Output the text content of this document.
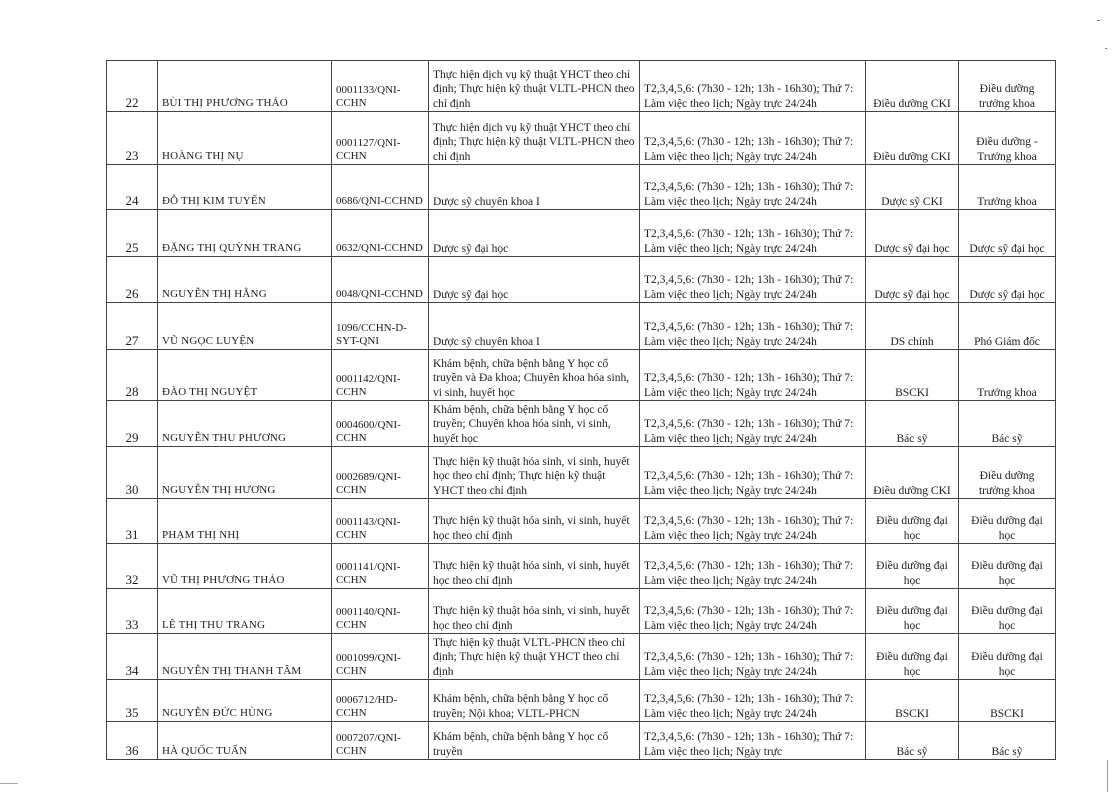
22	BÙI THỊ PHƯƠNG THẢO	0001133/QNI-CCHN	Thực hiện dịch vụ kỹ thuật YHCT theo chỉ định; Thực hiện kỹ thuật VLTL-PHCN theo chỉ định	T2,3,4,5,6: (7h30 - 12h; 13h - 16h30); Thứ 7: Làm việc theo lịch; Ngày trực 24/24h	Điều dưỡng CKI	Điều dưỡng trưởng khoa
23	HOÀNG THỊ NỤ	0001127/QNI-CCHN	Thực hiện dịch vụ kỹ thuật YHCT theo chỉ định; Thực hiện kỹ thuật VLTL-PHCN theo chỉ định	T2,3,4,5,6: (7h30 - 12h; 13h - 16h30); Thứ 7: Làm việc theo lịch; Ngày trực 24/24h	Điều dưỡng CKI	Điều dưỡng - Trưởng khoa
24	ĐỖ THỊ KIM TUYẾN	0686/QNI-CCHND	Dược sỹ chuyên khoa I	T2,3,4,5,6: (7h30 - 12h; 13h - 16h30); Thứ 7: Làm việc theo lịch; Ngày trực 24/24h	Dược sỹ CKI	Trưởng khoa
25	ĐẶNG THỊ QUỲNH TRANG	0632/QNI-CCHND	Dược sỹ đại học	T2,3,4,5,6: (7h30 - 12h; 13h - 16h30); Thứ 7: Làm việc theo lịch; Ngày trực 24/24h	Dược sỹ đại học	Dược sỹ đại học
26	NGUYỄN THỊ HẰNG	0048/QNI-CCHND	Dược sỹ đại học	T2,3,4,5,6: (7h30 - 12h; 13h - 16h30); Thứ 7: Làm việc theo lịch; Ngày trực 24/24h	Dược sỹ đại học	Dược sỹ đại học
27	VŨ NGỌC LUYỆN	1096/CCHN-D-SYT-QNI	Dược sỹ chuyên khoa I	T2,3,4,5,6: (7h30 - 12h; 13h - 16h30); Thứ 7: Làm việc theo lịch; Ngày trực 24/24h	DS chính	Phó Giám đốc
28	ĐÀO THỊ NGUYỆT	0001142/QNI-CCHN	Khám bệnh, chữa bệnh bằng Y học cổ truyền và Đa khoa; Chuyên khoa hóa sinh, vi sinh, huyết học	T2,3,4,5,6: (7h30 - 12h; 13h - 16h30); Thứ 7: Làm việc theo lịch; Ngày trực 24/24h	BSCKI	Trưởng khoa
29	NGUYỄN THU PHƯƠNG	0004600/QNI-CCHN	Khám bệnh, chữa bệnh bằng Y học cổ truyền; Chuyên khoa hóa sinh, vi sinh, huyết học	T2,3,4,5,6: (7h30 - 12h; 13h - 16h30); Thứ 7: Làm việc theo lịch; Ngày trực 24/24h	Bác sỹ	Bác sỹ
30	NGUYỄN THỊ HƯƠNG	0002689/QNI-CCHN	Thực hiện kỹ thuật hóa sinh, vi sinh, huyết học theo chỉ định; Thực hiện kỹ thuật YHCT theo chỉ định	T2,3,4,5,6: (7h30 - 12h; 13h - 16h30); Thứ 7: Làm việc theo lịch; Ngày trực 24/24h	Điều dưỡng CKI	Điều dưỡng trưởng khoa
31	PHẠM THỊ NHỊ	0001143/QNI-CCHN	Thực hiện kỹ thuật hóa sinh, vi sinh, huyết học theo chỉ định	T2,3,4,5,6: (7h30 - 12h; 13h - 16h30); Thứ 7: Làm việc theo lịch; Ngày trực 24/24h	Điều dưỡng đại học	Điều dưỡng đại học
32	VŨ THỊ PHƯƠNG THẢO	0001141/QNI-CCHN	Thực hiện kỹ thuật hóa sinh, vi sinh, huyết học theo chỉ định	T2,3,4,5,6: (7h30 - 12h; 13h - 16h30); Thứ 7: Làm việc theo lịch; Ngày trực 24/24h	Điều dưỡng đại học	Điều dưỡng đại học
33	LÊ THỊ THU TRANG	0001140/QNI-CCHN	Thực hiện kỹ thuật hóa sinh, vi sinh, huyết học theo chỉ định	T2,3,4,5,6: (7h30 - 12h; 13h - 16h30); Thứ 7: Làm việc theo lịch; Ngày trực 24/24h	Điều dưỡng đại học	Điều dưỡng đại học
34	NGUYỄN THỊ THANH TÂM	0001099/QNI-CCHN	Thực hiện kỹ thuật VLTL-PHCN theo chỉ định; Thực hiện kỹ thuật YHCT theo chỉ định	T2,3,4,5,6: (7h30 - 12h; 13h - 16h30); Thứ 7: Làm việc theo lịch; Ngày trực 24/24h	Điều dưỡng đại học	Điều dưỡng đại học
35	NGUYỄN ĐỨC HÙNG	0006712/HD-CCHN	Khám bệnh, chữa bệnh bằng Y học cổ truyền; Nội khoa; VLTL-PHCN	T2,3,4,5,6: (7h30 - 12h; 13h - 16h30); Thứ 7: Làm việc theo lịch; Ngày trực 24/24h	BSCKI	BSCKI
36	HÀ QUỐC TUẤN	0007207/QNI-CCHN	Khám bệnh, chữa bệnh bằng Y học cổ truyền	T2,3,4,5,6: (7h30 - 12h; 13h - 16h30); Thứ 7: Làm việc theo lịch; Ngày trực	Bác sỹ	Bác sỹ
